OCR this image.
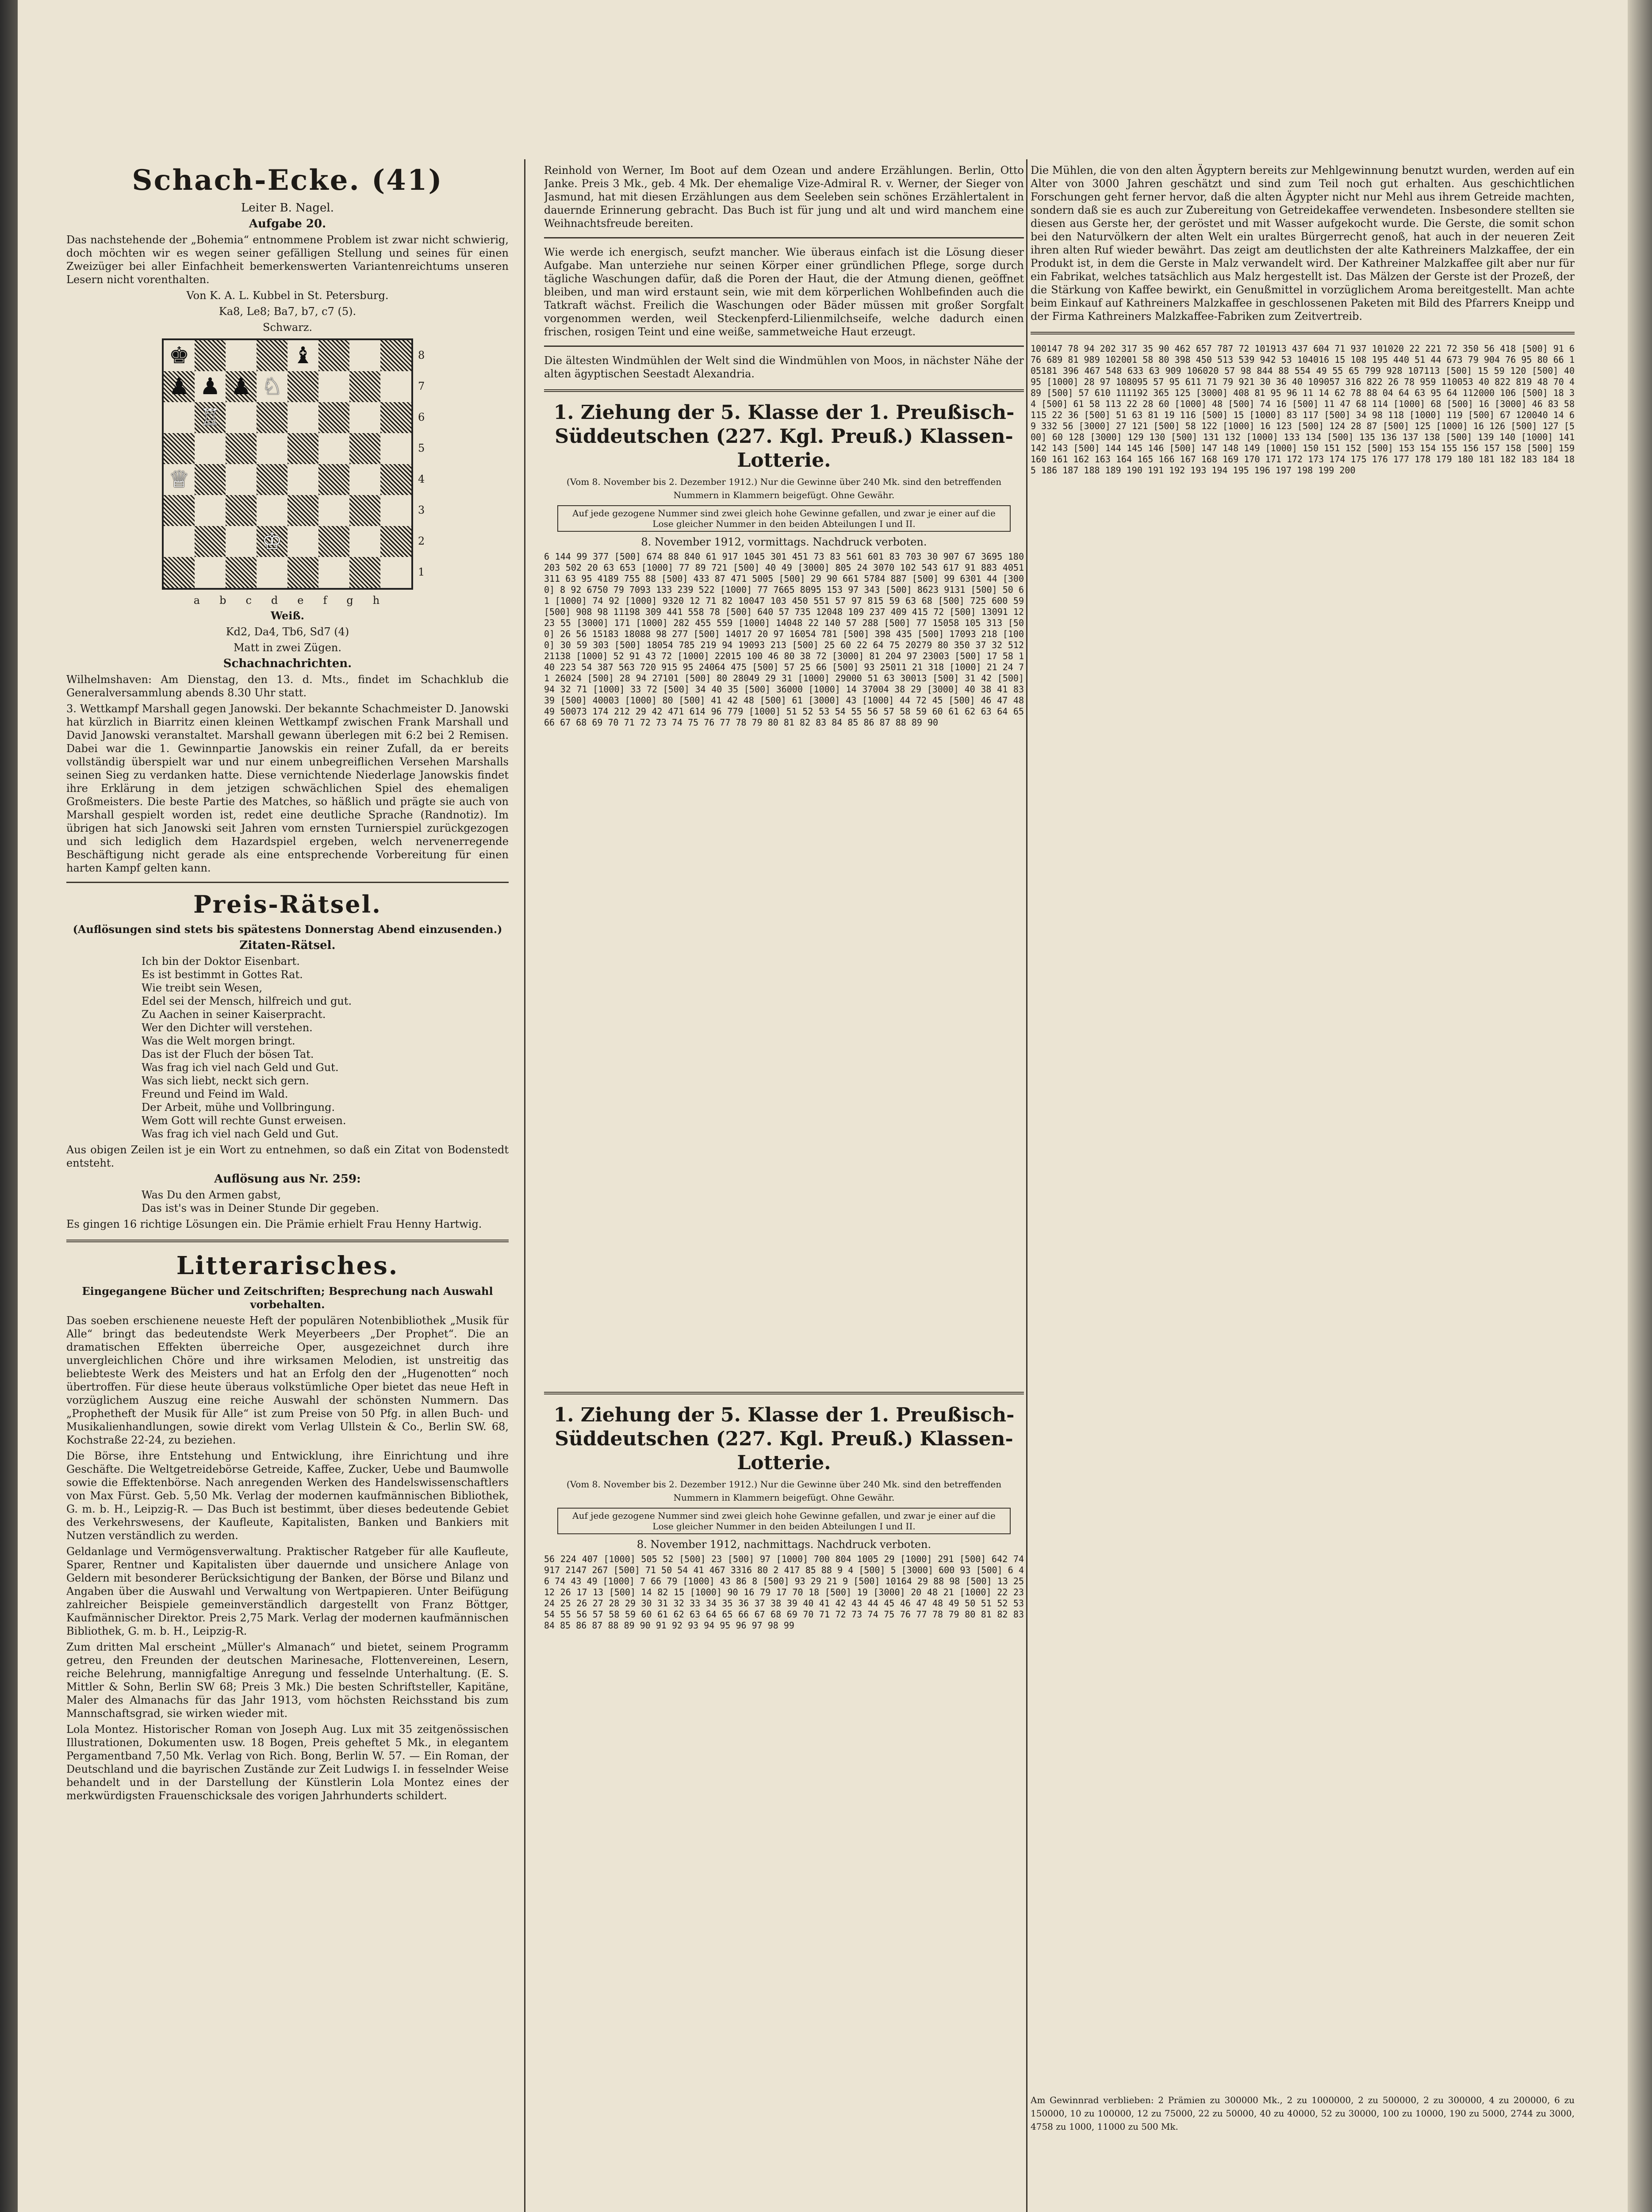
Schach-Ecke. (41)
Leiter B. Nagel.
Aufgabe 20.
Das nachstehende der „Bohemia“ entnommene Problem ist zwar nicht schwierig, doch möchten wir es wegen seiner gefälligen Stellung und seines für einen Zweizüger bei aller Einfachheit bemerkenswerten Variantenreichtums unseren Lesern nicht vorenthalten.
Von K. A. L. Kubbel in St. Petersburg.
Ka8, Le8; Ba7, b7, c7 (5).
Schwarz.
♚	♝
♟ ♟ ♟
♔
♕
♖
♘
8
7
6
5
4
3
2
1
abcdefgh
Weiß.
Kd2, Da4, Tb6, Sd7 (4)
Matt in zwei Zügen.
Schachnachrichten.
Wilhelmshaven: Am Dienstag, den 13. d. Mts., findet im Schachklub die Generalversammlung abends 8.30 Uhr statt.
3. Wettkampf Marshall gegen Janowski. Der bekannte Schachmeister D. Janowski hat kürzlich in Biarritz einen kleinen Wettkampf zwischen Frank Marshall und David Janowski veranstaltet. Marshall gewann überlegen mit 6:2 bei 2 Remisen. Dabei war die 1. Gewinnpartie Janowskis ein reiner Zufall, da er bereits vollständig überspielt war und nur einem unbegreiflichen Versehen Marshalls seinen Sieg zu verdanken hatte. Diese vernichtende Niederlage Janowskis findet ihre Erklärung in dem jetzigen schwächlichen Spiel des ehemaligen Großmeisters. Die beste Partie des Matches, so häßlich und prägte sie auch von Marshall gespielt worden ist, redet eine deutliche Sprache (Randnotiz). Im übrigen hat sich Janowski seit Jahren vom ernsten Turnierspiel zurückgezogen und sich lediglich dem Hazardspiel ergeben, welch nervenerregende Beschäftigung nicht gerade als eine entsprechende Vorbereitung für einen harten Kampf gelten kann.
Preis-Rätsel.
(Auflösungen sind stets bis spätestens Donnerstag Abend einzusenden.)
Zitaten-Rätsel.
Ich bin der Doktor Eisenbart.
Es ist bestimmt in Gottes Rat.
Wie treibt sein Wesen,
Edel sei der Mensch, hilfreich und gut.
Zu Aachen in seiner Kaiserpracht.
Wer den Dichter will verstehen.
Was die Welt morgen bringt.
Das ist der Fluch der bösen Tat.
Was frag ich viel nach Geld und Gut.
Was sich liebt, neckt sich gern.
Freund und Feind im Wald.
Der Arbeit, mühe und Vollbringung.
Wem Gott will rechte Gunst erweisen.
Was frag ich viel nach Geld und Gut.
Aus obigen Zeilen ist je ein Wort zu entnehmen, so daß ein Zitat von Bodenstedt entsteht.
Auflösung aus Nr. 259:
Was Du den Armen gabst,
Das ist's was in Deiner Stunde Dir gegeben.
Es gingen 16 richtige Lösungen ein. Die Prämie erhielt Frau Henny Hartwig.
Litterarisches.
Eingegangene Bücher und Zeitschriften; Besprechung nach Auswahl vorbehalten.
Das soeben erschienene neueste Heft der populären Notenbibliothek „Musik für Alle“ bringt das bedeutendste Werk Meyerbeers „Der Prophet“. Die an dramatischen Effekten überreiche Oper, ausgezeichnet durch ihre unvergleichlichen Chöre und ihre wirksamen Melodien, ist unstreitig das beliebteste Werk des Meisters und hat an Erfolg den der „Hugenotten“ noch übertroffen. Für diese heute überaus volkstümliche Oper bietet das neue Heft in vorzüglichem Auszug eine reiche Auswahl der schönsten Nummern. Das „Prophetheft der Musik für Alle“ ist zum Preise von 50 Pfg. in allen Buch- und Musikalienhandlungen, sowie direkt vom Verlag Ullstein & Co., Berlin SW. 68, Kochstraße 22-24, zu beziehen.
Die Börse, ihre Entstehung und Entwicklung, ihre Einrichtung und ihre Geschäfte. Die Weltgetreidebörse Getreide, Kaffee, Zucker, Uebe und Baumwolle sowie die Effektenbörse. Nach anregenden Werken des Handelswissenschaftlers von Max Fürst. Geb. 5,50 Mk. Verlag der modernen kaufmännischen Bibliothek, G. m. b. H., Leipzig-R. — Das Buch ist bestimmt, über dieses bedeutende Gebiet des Verkehrswesens, der Kaufleute, Kapitalisten, Banken und Bankiers mit Nutzen verständlich zu werden.
Geldanlage und Vermögensverwaltung. Praktischer Ratgeber für alle Kaufleute, Sparer, Rentner und Kapitalisten über dauernde und unsichere Anlage von Geldern mit besonderer Berücksichtigung der Banken, der Börse und Bilanz und Angaben über die Auswahl und Verwaltung von Wertpapieren. Unter Beifügung zahlreicher Beispiele gemeinverständlich dargestellt von Franz Böttger, Kaufmännischer Direktor. Preis 2,75 Mark. Verlag der modernen kaufmännischen Bibliothek, G. m. b. H., Leipzig-R.
Zum dritten Mal erscheint „Müller's Almanach“ und bietet, seinem Programm getreu, den Freunden der deutschen Marinesache, Flottenvereinen, Lesern, reiche Belehrung, mannigfaltige Anregung und fesselnde Unterhaltung. (E. S. Mittler & Sohn, Berlin SW 68; Preis 3 Mk.) Die besten Schriftsteller, Kapitäne, Maler des Almanachs für das Jahr 1913, vom höchsten Reichsstand bis zum Mannschaftsgrad, sie wirken wieder mit.
Lola Montez. Historischer Roman von Joseph Aug. Lux mit 35 zeitgenössischen Illustrationen, Dokumenten usw. 18 Bogen, Preis geheftet 5 Mk., in elegantem Pergamentband 7,50 Mk. Verlag von Rich. Bong, Berlin W. 57. — Ein Roman, der Deutschland und die bayrischen Zustände zur Zeit Ludwigs I. in fesselnder Weise behandelt und in der Darstellung der Künstlerin Lola Montez eines der merkwürdigsten Frauenschicksale des vorigen Jahrhunderts schildert.
Reinhold von Werner, Im Boot auf dem Ozean und andere Erzählungen. Berlin, Otto Janke. Preis 3 Mk., geb. 4 Mk. Der ehemalige Vize-Admiral R. v. Werner, der Sieger von Jasmund, hat mit diesen Erzählungen aus dem Seeleben sein schönes Erzählertalent in dauernde Erinnerung gebracht. Das Buch ist für jung und alt und wird manchem eine Weihnachtsfreude bereiten.
Wie werde ich energisch, seufzt mancher. Wie überaus einfach ist die Lösung dieser Aufgabe. Man unterziehe nur seinen Körper einer gründlichen Pflege, sorge durch tägliche Waschungen dafür, daß die Poren der Haut, die der Atmung dienen, geöffnet bleiben, und man wird erstaunt sein, wie mit dem körperlichen Wohlbefinden auch die Tatkraft wächst. Freilich die Waschungen oder Bäder müssen mit großer Sorgfalt vorgenommen werden, weil Steckenpferd-Lilienmilchseife, welche dadurch einen frischen, rosigen Teint und eine weiße, sammetweiche Haut erzeugt.
Die ältesten Windmühlen der Welt sind die Windmühlen von Moos, in nächster Nähe der alten ägyptischen Seestadt Alexandria.
1. Ziehung der 5. Klasse der 1. Preußisch-Süddeutschen (227. Kgl. Preuß.) Klassen-Lotterie.
(Vom 8. November bis 2. Dezember 1912.) Nur die Gewinne über 240 Mk. sind den betreffenden Nummern in Klammern beigefügt. Ohne Gewähr.
Auf jede gezogene Nummer sind zwei gleich hohe Gewinne gefallen, und zwar je einer auf die Lose gleicher Nummer in den beiden Abteilungen I und II.
8. November 1912, vormittags. Nachdruck verboten.
6 144 99 377 [500] 674 88 840 61 917 1045 301 451 73 83 561 601 83 703 30 907 67 3695 180 203 502 20 63 653 [1000] 77 89 721 [500] 40 49 [3000] 805 24 3070 102 543 617 91 883 4051 311 63 95 4189 755 88 [500] 433 87 471 5005 [500] 29 90 661 5784 887 [500] 99 6301 44 [3000] 8 92 6750 79 7093 133 239 522 [1000] 77 7665 8095 153 97 343 [500] 8623 9131 [500] 50 61 [1000] 74 92 [1000] 9320 12 71 82 10047 103 450 551 57 97 815 59 63 68 [500] 725 600 59 [500] 908 98 11198 309 441 558 78 [500] 640 57 735 12048 109 237 409 415 72 [500] 13091 12 23 55 [3000] 171 [1000] 282 455 559 [1000] 14048 22 140 57 288 [500] 77 15058 105 313 [500] 26 56 15183 18088 98 277 [500] 14017 20 97 16054 781 [500] 398 435 [500] 17093 218 [1000] 30 59 303 [500] 18054 785 219 94 19093 213 [500] 25 60 22 64 75 20279 80 350 37 32 512 21138 [1000] 52 91 43 72 [1000] 22015 100 46 80 38 72 [3000] 81 204 97 23003 [500] 17 58 140 223 54 387 563 720 915 95 24064 475 [500] 57 25 66 [500] 93 25011 21 318 [1000] 21 24 71 26024 [500] 28 94 27101 [500] 80 28049 29 31 [1000] 29000 51 63 30013 [500] 31 42 [500] 94 32 71 [1000] 33 72 [500] 34 40 35 [500] 36000 [1000] 14 37004 38 29 [3000] 40 38 41 83 39 [500] 40003 [1000] 80 [500] 41 42 48 [500] 61 [3000] 43 [1000] 44 72 45 [500] 46 47 48 49 50073 174 212 29 42 471 614 96 779 [1000] 51 52 53 54 55 56 57 58 59 60 61 62 63 64 65 66 67 68 69 70 71 72 73 74 75 76 77 78 79 80 81 82 83 84 85 86 87 88 89 90
1. Ziehung der 5. Klasse der 1. Preußisch-Süddeutschen (227. Kgl. Preuß.) Klassen-Lotterie.
(Vom 8. November bis 2. Dezember 1912.) Nur die Gewinne über 240 Mk. sind den betreffenden Nummern in Klammern beigefügt. Ohne Gewähr.
Auf jede gezogene Nummer sind zwei gleich hohe Gewinne gefallen, und zwar je einer auf die Lose gleicher Nummer in den beiden Abteilungen I und II.
8. November 1912, nachmittags. Nachdruck verboten.
56 224 407 [1000] 505 52 [500] 23 [500] 97 [1000] 700 804 1005 29 [1000] 291 [500] 642 74 917 2147 267 [500] 71 50 54 41 467 3316 80 2 417 85 88 9 4 [500] 5 [3000] 600 93 [500] 6 46 74 43 49 [1000] 7 66 79 [1000] 43 86 8 [500] 93 29 21 9 [500] 10164 29 88 98 [500] 13 25 12 26 17 13 [500] 14 82 15 [1000] 90 16 79 17 70 18 [500] 19 [3000] 20 48 21 [1000] 22 23 24 25 26 27 28 29 30 31 32 33 34 35 36 37 38 39 40 41 42 43 44 45 46 47 48 49 50 51 52 53 54 55 56 57 58 59 60 61 62 63 64 65 66 67 68 69 70 71 72 73 74 75 76 77 78 79 80 81 82 83 84 85 86 87 88 89 90 91 92 93 94 95 96 97 98 99
Die Mühlen, die von den alten Ägyptern bereits zur Mehlgewinnung benutzt wurden, werden auf ein Alter von 3000 Jahren geschätzt und sind zum Teil noch gut erhalten. Aus geschichtlichen Forschungen geht ferner hervor, daß die alten Ägypter nicht nur Mehl aus ihrem Getreide machten, sondern daß sie es auch zur Zubereitung von Getreidekaffee verwendeten. Insbesondere stellten sie diesen aus Gerste her, der geröstet und mit Wasser aufgekocht wurde. Die Gerste, die somit schon bei den Naturvölkern der alten Welt ein uraltes Bürgerrecht genoß, hat auch in der neueren Zeit ihren alten Ruf wieder bewährt. Das zeigt am deutlichsten der alte Kathreiners Malzkaffee, der ein Produkt ist, in dem die Gerste in Malz verwandelt wird. Der Kathreiner Malzkaffee gilt aber nur für ein Fabrikat, welches tatsächlich aus Malz hergestellt ist. Das Mälzen der Gerste ist der Prozeß, der die Stärkung von Kaffee bewirkt, ein Genußmittel in vorzüglichem Aroma bereitgestellt. Man achte beim Einkauf auf Kathreiners Malzkaffee in geschlossenen Paketen mit Bild des Pfarrers Kneipp und der Firma Kathreiners Malzkaffee-Fabriken zum Zeitvertreib.
100147 78 94 202 317 35 90 462 657 787 72 101913 437 604 71 937 101020 22 221 72 350 56 418 [500] 91 676 689 81 989 102001 58 80 398 450 513 539 942 53 104016 15 108 195 440 51 44 673 79 904 76 95 80 66 105181 396 467 548 633 63 909 106020 57 98 844 88 554 49 55 65 799 928 107113 [500] 15 59 120 [500] 40 95 [1000] 28 97 108095 57 95 611 71 79 921 30 36 40 109057 316 822 26 78 959 110053 40 822 819 48 70 489 [500] 57 610 111192 365 125 [3000] 408 81 95 96 11 14 62 78 88 04 64 63 95 64 112000 106 [500] 18 34 [500] 61 58 113 22 28 60 [1000] 48 [500] 74 16 [500] 11 47 68 114 [1000] 68 [500] 16 [3000] 46 83 58 115 22 36 [500] 51 63 81 19 116 [500] 15 [1000] 83 117 [500] 34 98 118 [1000] 119 [500] 67 120040 14 69 332 56 [3000] 27 121 [500] 58 122 [1000] 16 123 [500] 124 28 87 [500] 125 [1000] 16 126 [500] 127 [500] 60 128 [3000] 129 130 [500] 131 132 [1000] 133 134 [500] 135 136 137 138 [500] 139 140 [1000] 141 142 143 [500] 144 145 146 [500] 147 148 149 [1000] 150 151 152 [500] 153 154 155 156 157 158 [500] 159 160 161 162 163 164 165 166 167 168 169 170 171 172 173 174 175 176 177 178 179 180 181 182 183 184 185 186 187 188 189 190 191 192 193 194 195 196 197 198 199 200
Am Gewinnrad verblieben: 2 Prämien zu 300000 Mk., 2 zu 1000000, 2 zu 500000, 2 zu 300000, 4 zu 200000, 6 zu 150000, 10 zu 100000, 12 zu 75000, 22 zu 50000, 40 zu 40000, 52 zu 30000, 100 zu 10000, 190 zu 5000, 2744 zu 3000, 4758 zu 1000, 11000 zu 500 Mk.
